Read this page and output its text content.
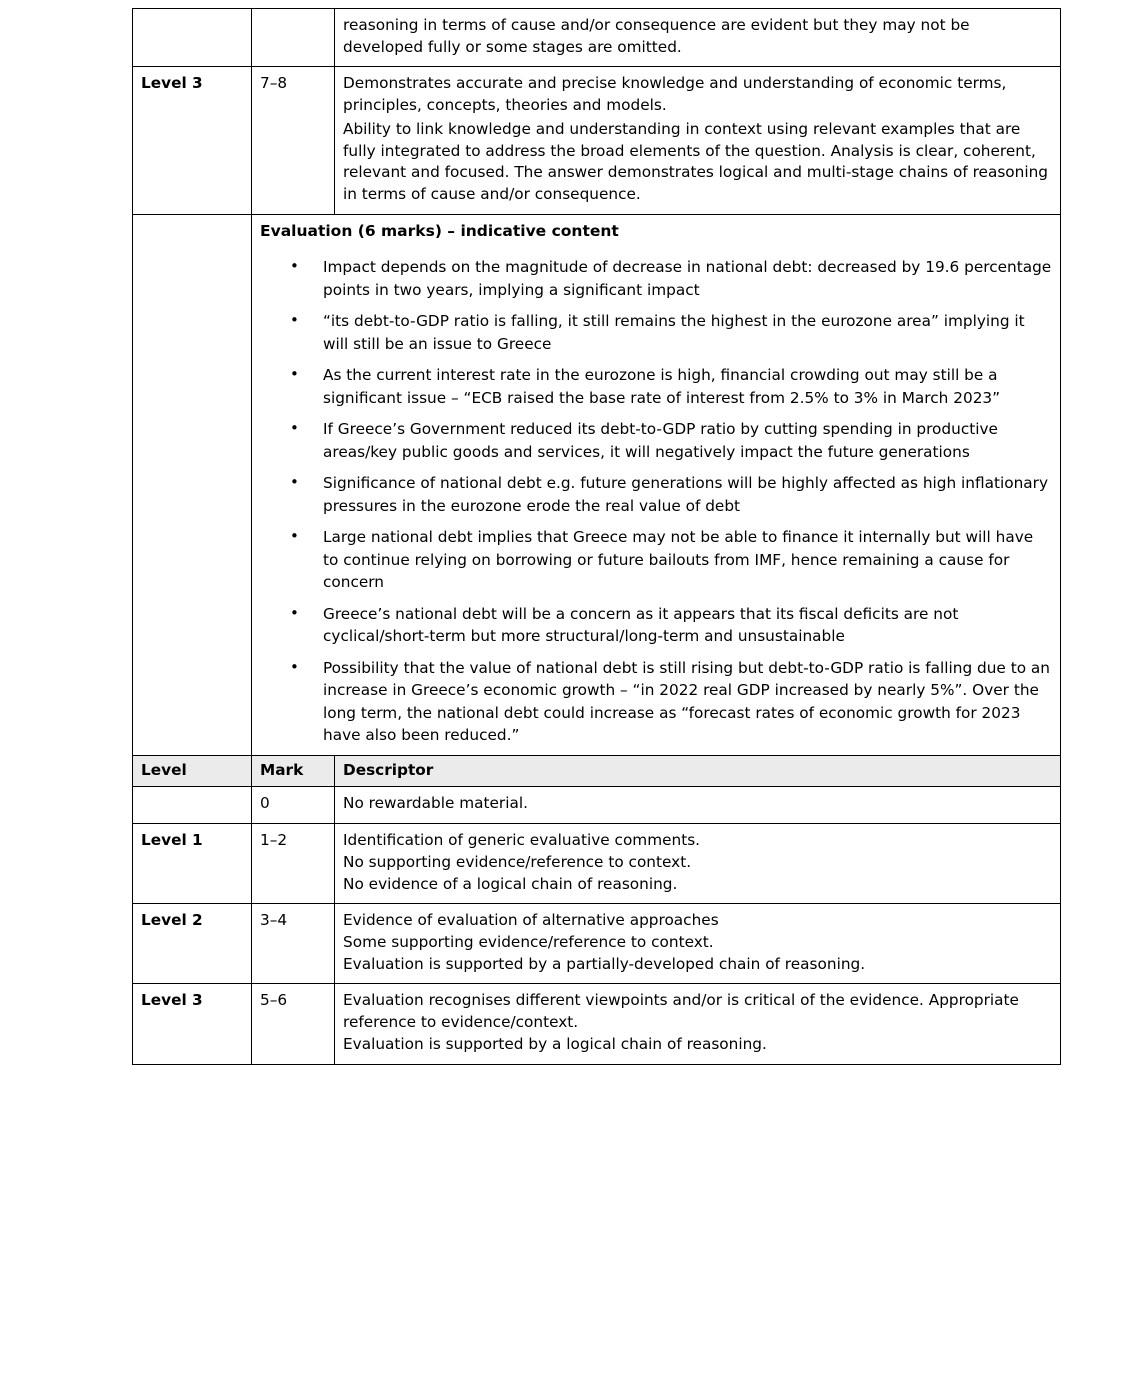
		reasoning in terms of cause and/or consequence are evident but they may not be developed fully or some stages are omitted.

Level 3	7–8	Demonstrates accurate and precise knowledge and understanding of economic terms, principles, concepts, theories and models.

Ability to link knowledge and understanding in context using relevant examples that are fully integrated to address the broad elements of the question. Analysis is clear, coherent, relevant and focused. The answer demonstrates logical and multi-stage chains of reasoning in terms of cause and/or consequence.

Evaluation (6 marks) – indicative content
• Impact depends on the magnitude of decrease in national debt: decreased by 19.6 percentage points in two years, implying a significant impact
• “its debt-to-GDP ratio is falling, it still remains the highest in the eurozone area” implying it will still be an issue to Greece
• As the current interest rate in the eurozone is high, financial crowding out may still be a significant issue – “ECB raised the base rate of interest from 2.5% to 3% in March 2023”
• If Greece’s Government reduced its debt-to-GDP ratio by cutting spending in productive areas/key public goods and services, it will negatively impact the future generations
• Significance of national debt e.g. future generations will be highly affected as high inflationary pressures in the eurozone erode the real value of debt
• Large national debt implies that Greece may not be able to finance it internally but will have to continue relying on borrowing or future bailouts from IMF, hence remaining a cause for concern
• Greece’s national debt will be a concern as it appears that its fiscal deficits are not cyclical/short-term but more structural/long-term and unsustainable
• Possibility that the value of national debt is still rising but debt-to-GDP ratio is falling due to an increase in Greece’s economic growth – “in 2022 real GDP increased by nearly 5%”. Over the long term, the national debt could increase as “forecast rates of economic growth for 2023 have also been reduced.”

Level	Mark	Descriptor
	0	No rewardable material.

Level 1	1–2	Identification of generic evaluative comments.
No supporting evidence/reference to context.
No evidence of a logical chain of reasoning.

Level 2	3–4	Evidence of evaluation of alternative approaches
Some supporting evidence/reference to context.
Evaluation is supported by a partially-developed chain of reasoning.

Level 3	5–6	Evaluation recognises different viewpoints and/or is critical of the evidence. Appropriate reference to evidence/context.
Evaluation is supported by a logical chain of reasoning.
